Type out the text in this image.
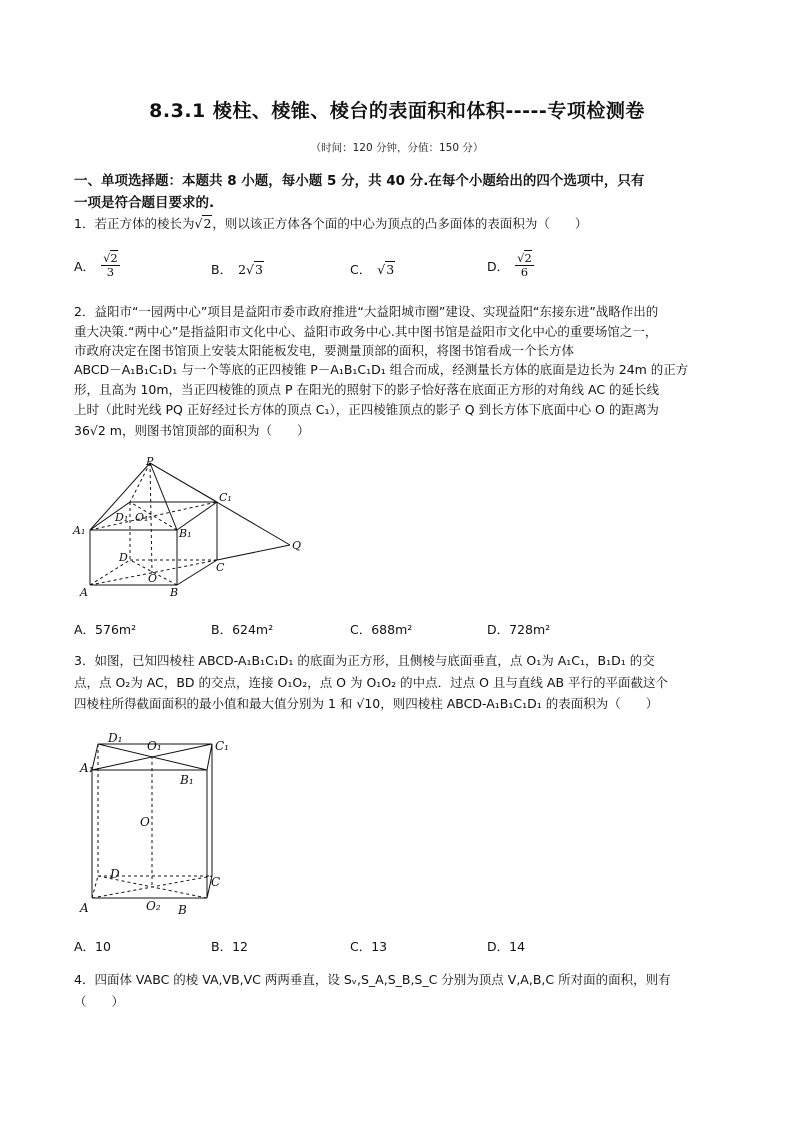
8.3.1 棱柱、棱锥、棱台的表面积和体积-----专项检测卷
（时间：120 分钟，分值：150 分）
一、单项选择题：本题共 8 小题，每小题 5 分，共 40 分.在每个小题给出的四个选项中，只有
一项是符合题目要求的.
1．若正方体的棱长为√2，则以该正方体各个面的中心为顶点的凸多面体的表面积为（　　）
A． $\frac{√2}{3}$	B． 2√3	C． √3	D． $\frac{√2}{6}$
2．益阳市“一园两中心”项目是益阳市委市政府推进“大益阳城市圈”建设、实现益阳“东接东进”战略作出的
重大决策.“两中心”是指益阳市文化中心、益阳市政务中心.其中图书馆是益阳市文化中心的重要场馆之一，
市政府决定在图书馆顶上安装太阳能板发电，要测量顶部的面积，将图书馆看成一个长方体
ABCD－A₁B₁C₁D₁ 与一个等底的正四棱锥 P－A₁B₁C₁D₁ 组合而成，经测量长方体的底面是边长为 24m 的正方
形，且高为 10m，当正四棱锥的顶点 P 在阳光的照射下的影子恰好落在底面正方形的对角线 AC 的延长线
上时（此时光线 PQ 正好经过长方体的顶点 C₁），正四棱锥顶点的影子 Q 到长方体下底面中心 O 的距离为
36√2 m，则图书馆顶部的面积为（　　）
P
C₁
D₁ O₁
A₁	B₁
D
C
Q
O
A	B
A．576m²	B．624m²	C．688m²	D．728m²
3．如图，已知四棱柱 ABCD-A₁B₁C₁D₁ 的底面为正方形，且侧棱与底面垂直，点 O₁为 A₁C₁，B₁D₁ 的交
点，点 O₂为 AC，BD 的交点，连接 O₁O₂，点 O 为 O₁O₂ 的中点．过点 O 且与直线 AB 平行的平面截这个
四棱柱所得截面面积的最小值和最大值分别为 1 和 √10，则四棱柱 ABCD-A₁B₁C₁D₁ 的表面积为（　　）
D₁
O₁	C₁
A₁
B₁
O
D
C
A	O₂ B
A．10	B．12	C．13	D．14
4．四面体 VABC 的棱 VA,VB,VC 两两垂直，设 Sᵥ,S_A,S_B,S_C 分别为顶点 V,A,B,C 所对面的面积，则有
（　　）
